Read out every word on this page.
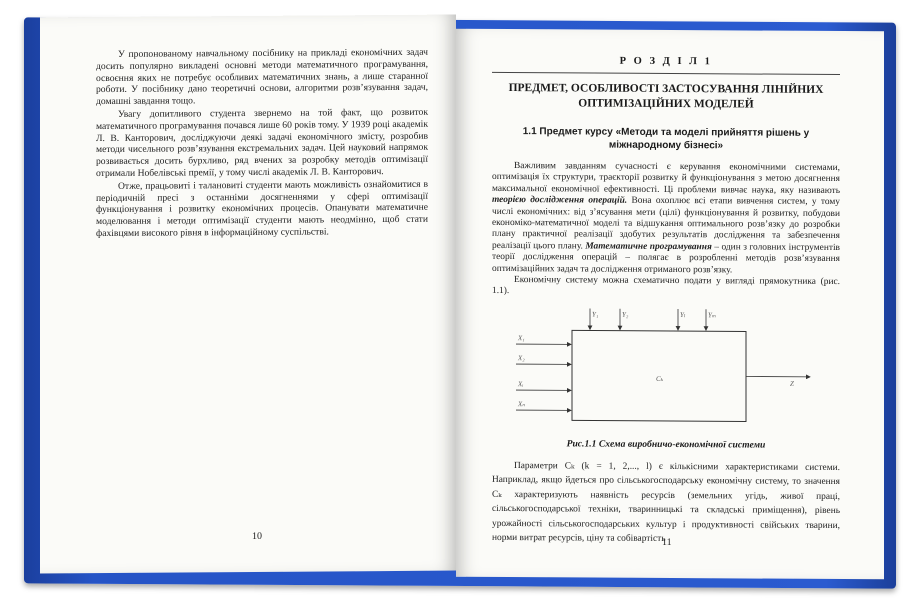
У пропонованому навчальному посібнику на прикладі економічних задач досить популярно викладені основні методи математичного програмування, освоєння яких не потребує особливих математичних знань, а лише старанної роботи. У посібнику дано теоретичні основи, алгоритми розв’язування задач, домашні завдання тощо.

Увагу допитливого студента звернемо на той факт, що розвиток математичного програмування почався лише 60 років тому. У 1939 році академік Л. В. Канторович, досліджуючи деякі задачі економічного змісту, розробив методи чисельного розв’язування екстремальних задач. Цей науковий напрямок розвивається досить бурхливо, ряд вчених за розробку методів оптимізації отримали Нобелівські премії, у тому числі академік Л. В. Канторович.

Отже, працьовиті і талановиті студенти мають можливість ознайомитися в періодичній пресі з останніми досягненнями у сфері оптимізації функціонування і розвитку економічних процесів. Опанувати математичне моделювання і методи оптимізації студенти мають неодмінно, щоб стати фахівцями високого рівня в інформаційному суспільстві.

10
Р О З Д І Л 1
ПРЕДМЕТ, ОСОБЛИВОСТІ ЗАСТОСУВАННЯ ЛІНІЙНИХ ОПТИМІЗАЦІЙНИХ МОДЕЛЕЙ
1.1 Предмет курсу «Методи та моделі прийняття рішень у міжнародному бізнесі»

Важливим завданням сучасності є керування економічними системами, оптимізація їх структури, траєкторії розвитку й функціонування з метою досягнення максимальної економічної ефективності. Ці проблеми вивчає наука, яку називають теорією дослідження операцій. Вона охоплює всі етапи вивчення систем, у тому числі економічних: від з’ясування мети (цілі) функціонування й розвитку, побудови економіко-математичної моделі та відшукання оптимального розв’язку до розробки плану практичної реалізації здобутих результатів дослідження та забезпечення реалізації цього плану. Математичне програмування – один з головних інструментів теорії дослідження операцій – полягає в розробленні методів розв’язування оптимізаційних задач та дослідження отриманого розв’язку.

Економічну систему можна схематично подати у вигляді прямокутника (рис. 1.1).

Y₁	Y₂	Yₗ	Yₘ
X₁
X₂
Xᵢ
Xₙ
Cₖ
Z
Рис.1.1 Схема виробничо-економічної системи

Параметри Cₖ (k = 1, 2,..., l) є кількісними характеристиками системи. Наприклад, якщо йдеться про сільськогосподарську економічну систему, то значення Cₖ характеризують наявність ресурсів (земельних угідь, живої праці, сільськогосподарської техніки, тваринницькі та складські приміщення), рівень урожайності сільськогосподарських культур і продуктивності свійських тварини, норми витрат ресурсів, ціну та собівартість

11
